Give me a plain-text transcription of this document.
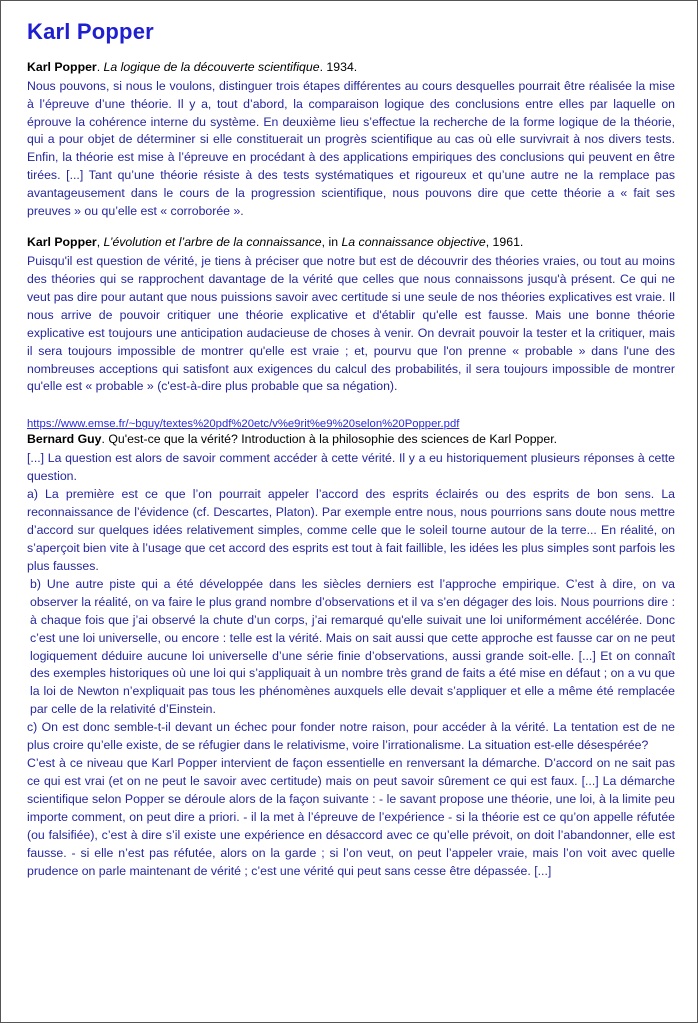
Karl Popper
Karl Popper. La logique de la découverte scientifique. 1934.

Nous pouvons, si nous le voulons, distinguer trois étapes différentes au cours desquelles pourrait être réalisée la mise à l’épreuve d’une théorie. Il y a, tout d’abord, la comparaison logique des conclusions entre elles par laquelle on éprouve la cohérence interne du système. En deuxième lieu s’effectue la recherche de la forme logique de la théorie, qui a pour objet de déterminer si elle constituerait un progrès scientifique au cas où elle survivrait à nos divers tests. Enfin, la théorie est mise à l’épreuve en procédant à des applications empiriques des conclusions qui peuvent en être tirées. [...] Tant qu’une théorie résiste à des tests systématiques et rigoureux et qu’une autre ne la remplace pas avantageusement dans le cours de la progression scientifique, nous pouvons dire que cette théorie a « fait ses preuves » ou qu’elle est « corroborée ».

Karl Popper, L’évolution et l’arbre de la connaissance, in La connaissance objective, 1961.

Puisqu'il est question de vérité, je tiens à préciser que notre but est de découvrir des théories vraies, ou tout au moins des théories qui se rapprochent davantage de la vérité que celles que nous connaissons jusqu'à présent. Ce qui ne veut pas dire pour autant que nous puissions savoir avec certitude si une seule de nos théories explicatives est vraie. Il nous arrive de pouvoir critiquer une théorie explicative et d'établir qu'elle est fausse. Mais une bonne théorie explicative est toujours une anticipation audacieuse de choses à venir. On devrait pouvoir la tester et la critiquer, mais il sera toujours impossible de montrer qu'elle est vraie ; et, pourvu que l'on prenne « probable » dans l'une des nombreuses acceptions qui satisfont aux exigences du calcul des probabilités, il sera toujours impossible de montrer qu'elle est « probable » (c'est-à-dire plus probable que sa négation).

https://www.emse.fr/~bguy/textes%20pdf%20etc/v%e9rit%e9%20selon%20Popper.pdf
Bernard Guy. Qu'est-ce que la vérité? Introduction à la philosophie des sciences de Karl Popper.

[...] La question est alors de savoir comment accéder à cette vérité. Il y a eu historiquement plusieurs réponses à cette question.

a) La première est ce que l’on pourrait appeler l’accord des esprits éclairés ou des esprits de bon sens. La reconnaissance de l’évidence (cf. Descartes, Platon). Par exemple entre nous, nous pourrions sans doute nous mettre d’accord sur quelques idées relativement simples, comme celle que le soleil tourne autour de la terre... En réalité, on s’aperçoit bien vite à l’usage que cet accord des esprits est tout à fait faillible, les idées les plus simples sont parfois les plus fausses.

b) Une autre piste qui a été développée dans les siècles derniers est l’approche empirique. C’est à dire, on va observer la réalité, on va faire le plus grand nombre d’observations et il va s’en dégager des lois. Nous pourrions dire : à chaque fois que j’ai observé la chute d’un corps, j’ai remarqué qu'elle suivait une loi uniformément accélérée. Donc c’est une loi universelle, ou encore : telle est la vérité. Mais on sait aussi que cette approche est fausse car on ne peut logiquement déduire aucune loi universelle d’une série finie d’observations, aussi grande soit-elle. [...] Et on connaît des exemples historiques où une loi qui s’appliquait à un nombre très grand de faits a été mise en défaut ; on a vu que la loi de Newton n’expliquait pas tous les phénomènes auxquels elle devait s’appliquer et elle a même été remplacée par celle de la relativité d’Einstein.

c) On est donc semble-t-il devant un échec pour fonder notre raison, pour accéder à la vérité. La tentation est de ne plus croire qu’elle existe, de se réfugier dans le relativisme, voire l’irrationalisme. La situation est-elle désespérée?

C’est à ce niveau que Karl Popper intervient de façon essentielle en renversant la démarche. D’accord on ne sait pas ce qui est vrai (et on ne peut le savoir avec certitude) mais on peut savoir sûrement ce qui est faux. [...] La démarche scientifique selon Popper se déroule alors de la façon suivante : - le savant propose une théorie, une loi, à la limite peu importe comment, on peut dire a priori. - il la met à l’épreuve de l’expérience - si la théorie est ce qu’on appelle réfutée (ou falsifiée), c’est à dire s’il existe une expérience en désaccord avec ce qu’elle prévoit, on doit l’abandonner, elle est fausse. - si elle n’est pas réfutée, alors on la garde ; si l’on veut, on peut l’appeler vraie, mais l’on voit avec quelle prudence on parle maintenant de vérité ; c’est une vérité qui peut sans cesse être dépassée. [...]
